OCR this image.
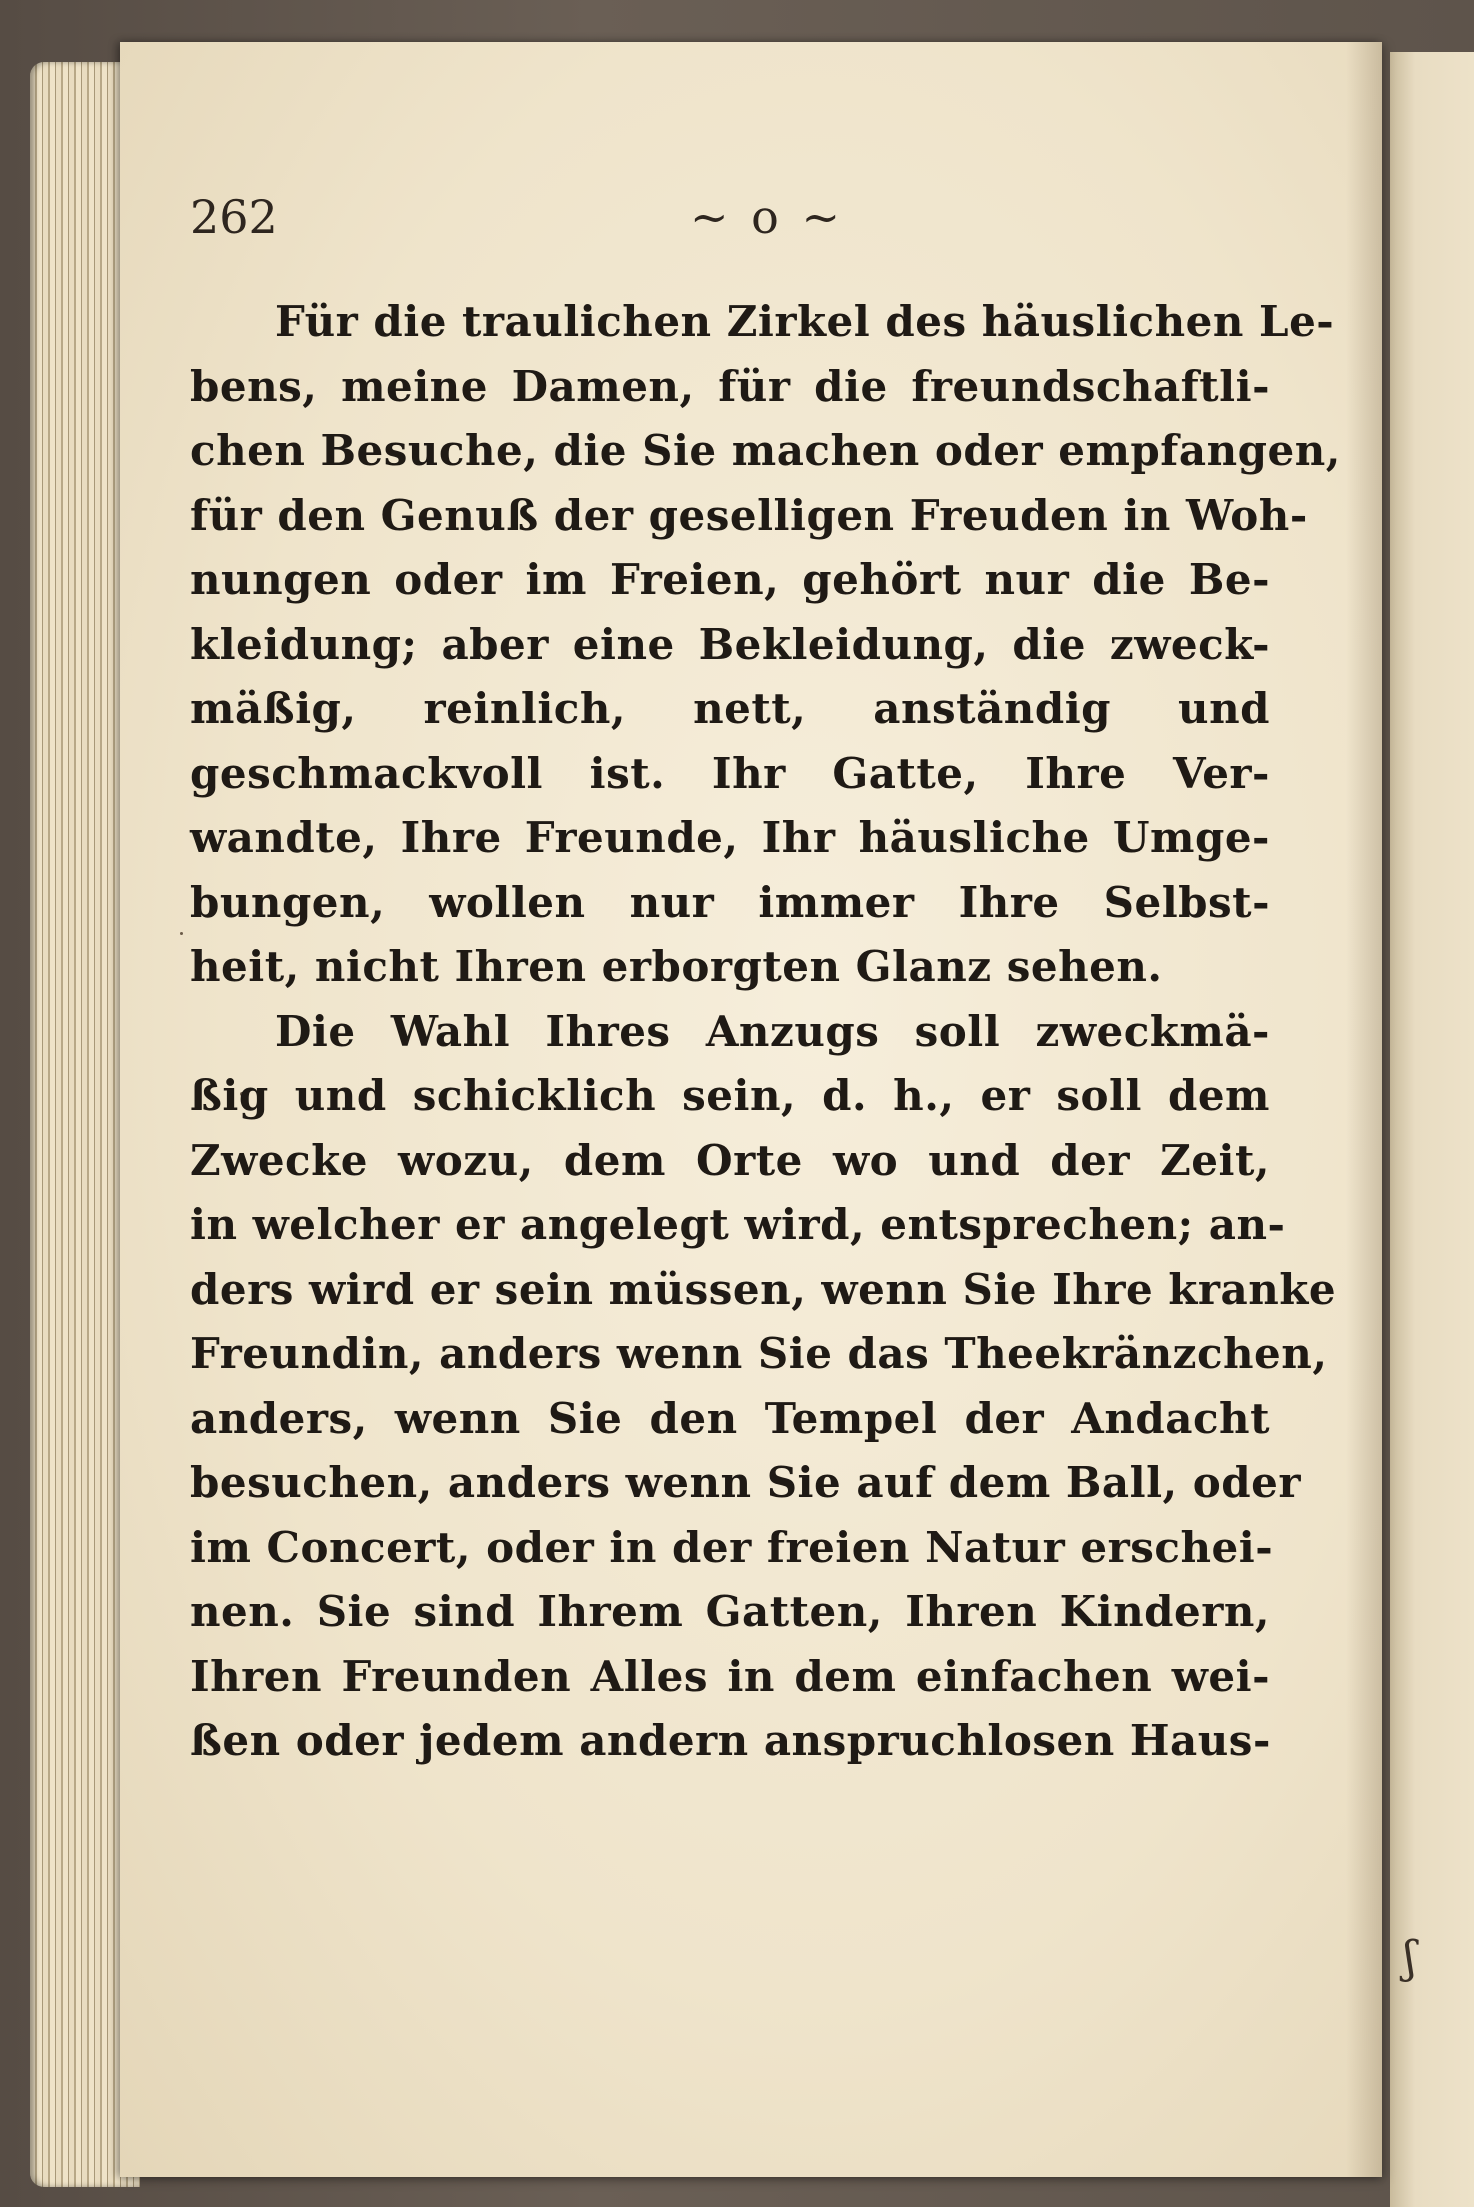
ʃ
262	~ o ~
Für die traulichen Zirkel des häuslichen Le-
bens, meine Damen, für die freundschaftli-
chen Besuche, die Sie machen oder empfangen,
für den Genuß der geselligen Freuden in Woh-
nungen oder im Freien, gehört nur die Be-
kleidung; aber eine Bekleidung, die zweck-
mäßig, reinlich, nett, anständig und
geschmackvoll ist. Ihr Gatte, Ihre Ver-
wandte, Ihre Freunde, Ihr häusliche Umge-
bungen, wollen nur immer Ihre Selbst-
heit, nicht Ihren erborgten Glanz sehen.
Die Wahl Ihres Anzugs soll zweckmä-
ßig und schicklich sein, d. h., er soll dem
Zwecke wozu, dem Orte wo und der Zeit,
in welcher er angelegt wird, entsprechen; an-
ders wird er sein müssen, wenn Sie Ihre kranke
Freundin, anders wenn Sie das Theekränzchen,
anders, wenn Sie den Tempel der Andacht
besuchen, anders wenn Sie auf dem Ball, oder
im Concert, oder in der freien Natur erschei-
nen. Sie sind Ihrem Gatten, Ihren Kindern,
Ihren Freunden Alles in dem einfachen wei-
ßen oder jedem andern anspruchlosen Haus-
